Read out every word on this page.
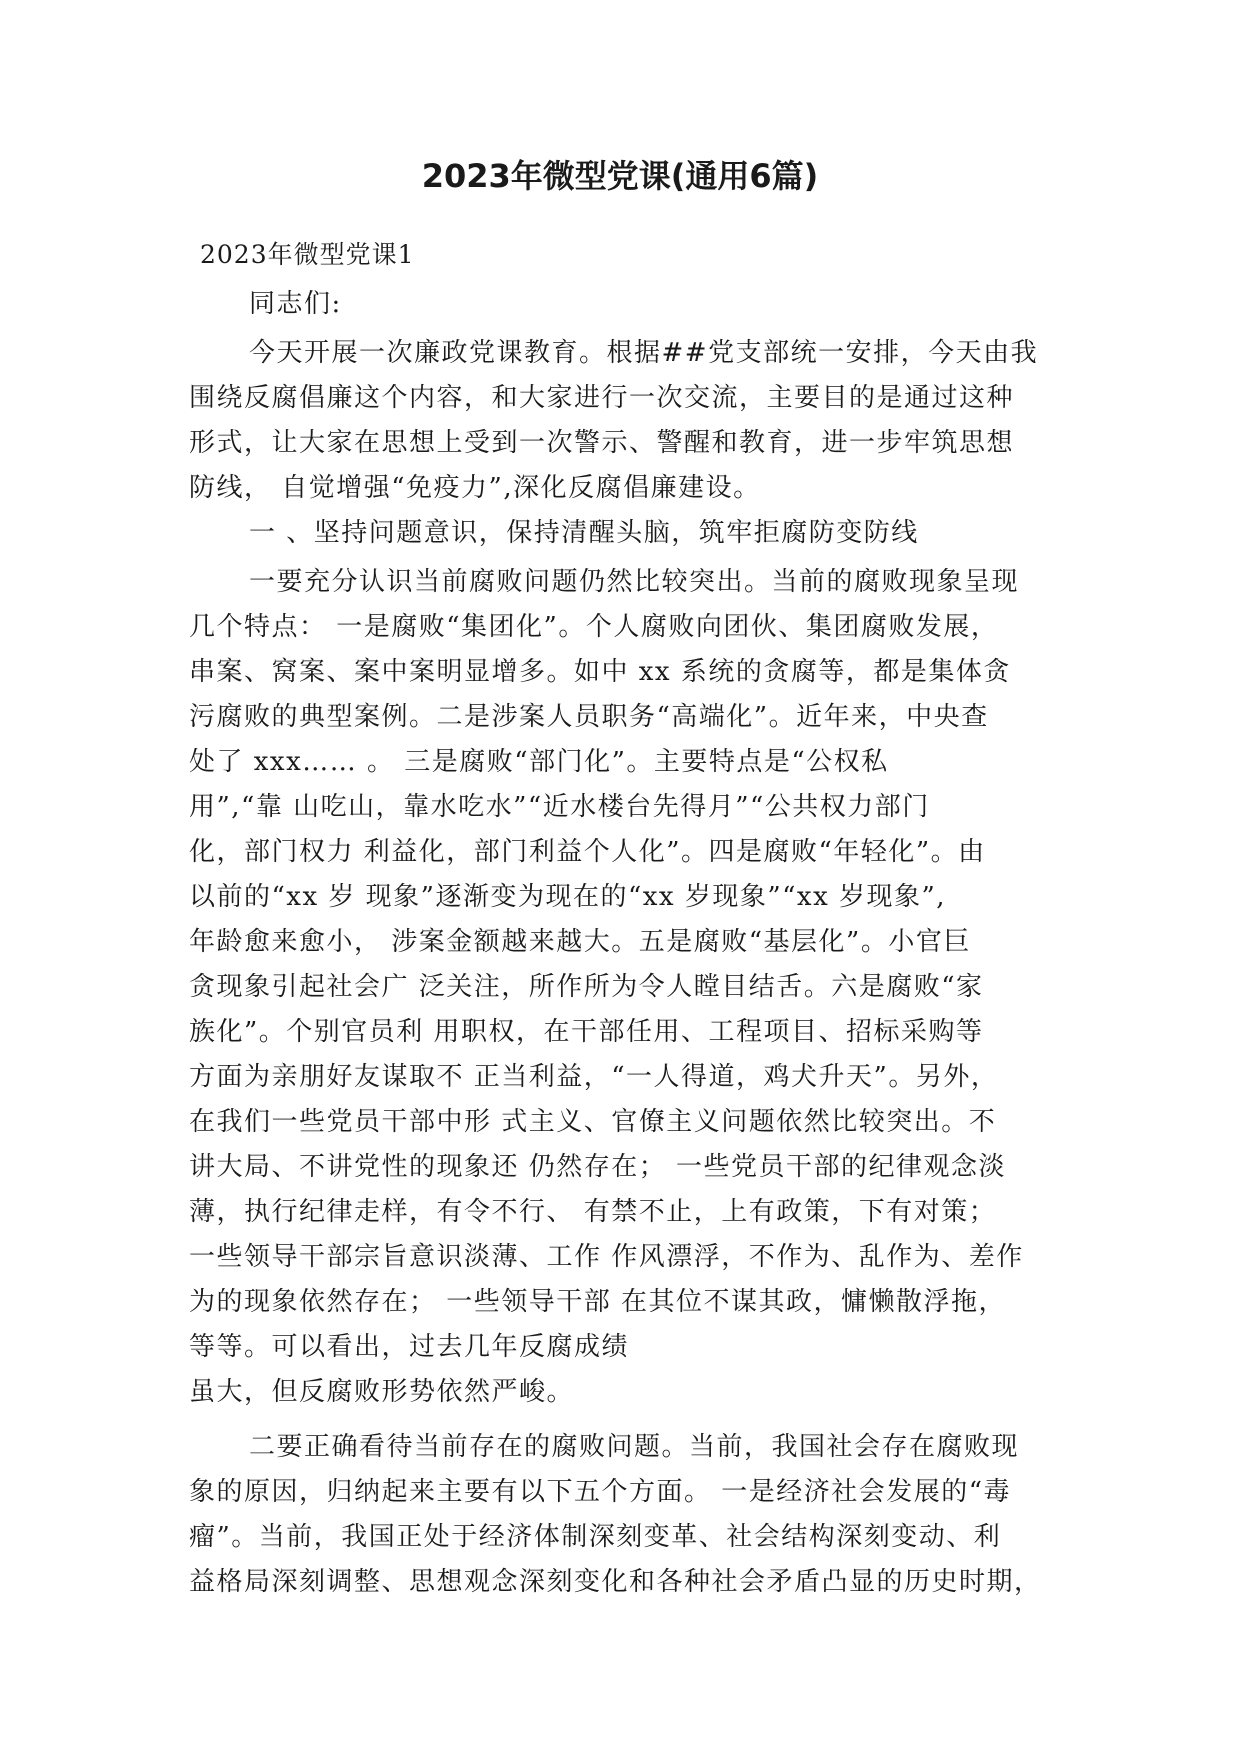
2023年微型党课(通用6篇)
2023年微型党课1

同志们:

今天开展一次廉政党课教育。根据##党支部统一安排，今天由我

围绕反腐倡廉这个内容，和大家进行一次交流，主要目的是通过这种

形式，让大家在思想上受到一次警示、警醒和教育，进一步牢筑思想

防线， 自觉增强“免疫力”,深化反腐倡廉建设。

一 、坚持问题意识，保持清醒头脑，筑牢拒腐防变防线

一要充分认识当前腐败问题仍然比较突出。当前的腐败现象呈现

几个特点： 一是腐败“集团化”。个人腐败向团伙、集团腐败发展，

串案、窝案、案中案明显增多。如中 xx 系统的贪腐等，都是集体贪

污腐败的典型案例。二是涉案人员职务“高端化”。近年来，中央查

处了 xxx…… 。 三是腐败“部门化”。主要特点是“公权私

用”,“靠 山吃山，靠水吃水”“近水楼台先得月”“公共权力部门

化，部门权力 利益化，部门利益个人化”。四是腐败“年轻化”。由

以前的“xx 岁 现象”逐渐变为现在的“xx 岁现象”“xx 岁现象”,

年龄愈来愈小， 涉案金额越来越大。五是腐败“基层化”。小官巨

贪现象引起社会广 泛关注，所作所为令人瞠目结舌。六是腐败“家

族化”。个别官员利 用职权，在干部任用、工程项目、招标采购等

方面为亲朋好友谋取不 正当利益，“一人得道，鸡犬升天”。另外，

在我们一些党员干部中形 式主义、官僚主义问题依然比较突出。不

讲大局、不讲党性的现象还 仍然存在； 一些党员干部的纪律观念淡

薄，执行纪律走样，有令不行、 有禁不止，上有政策，下有对策；

一些领导干部宗旨意识淡薄、工作 作风漂浮，不作为、乱作为、差作

为的现象依然存在； 一些领导干部 在其位不谋其政，慵懒散浮拖，

等等。可以看出，过去几年反腐成绩

虽大，但反腐败形势依然严峻。

二要正确看待当前存在的腐败问题。当前，我国社会存在腐败现

象的原因，归纳起来主要有以下五个方面。 一是经济社会发展的“毒

瘤”。当前，我国正处于经济体制深刻变革、社会结构深刻变动、利

益格局深刻调整、思想观念深刻变化和各种社会矛盾凸显的历史时期，
